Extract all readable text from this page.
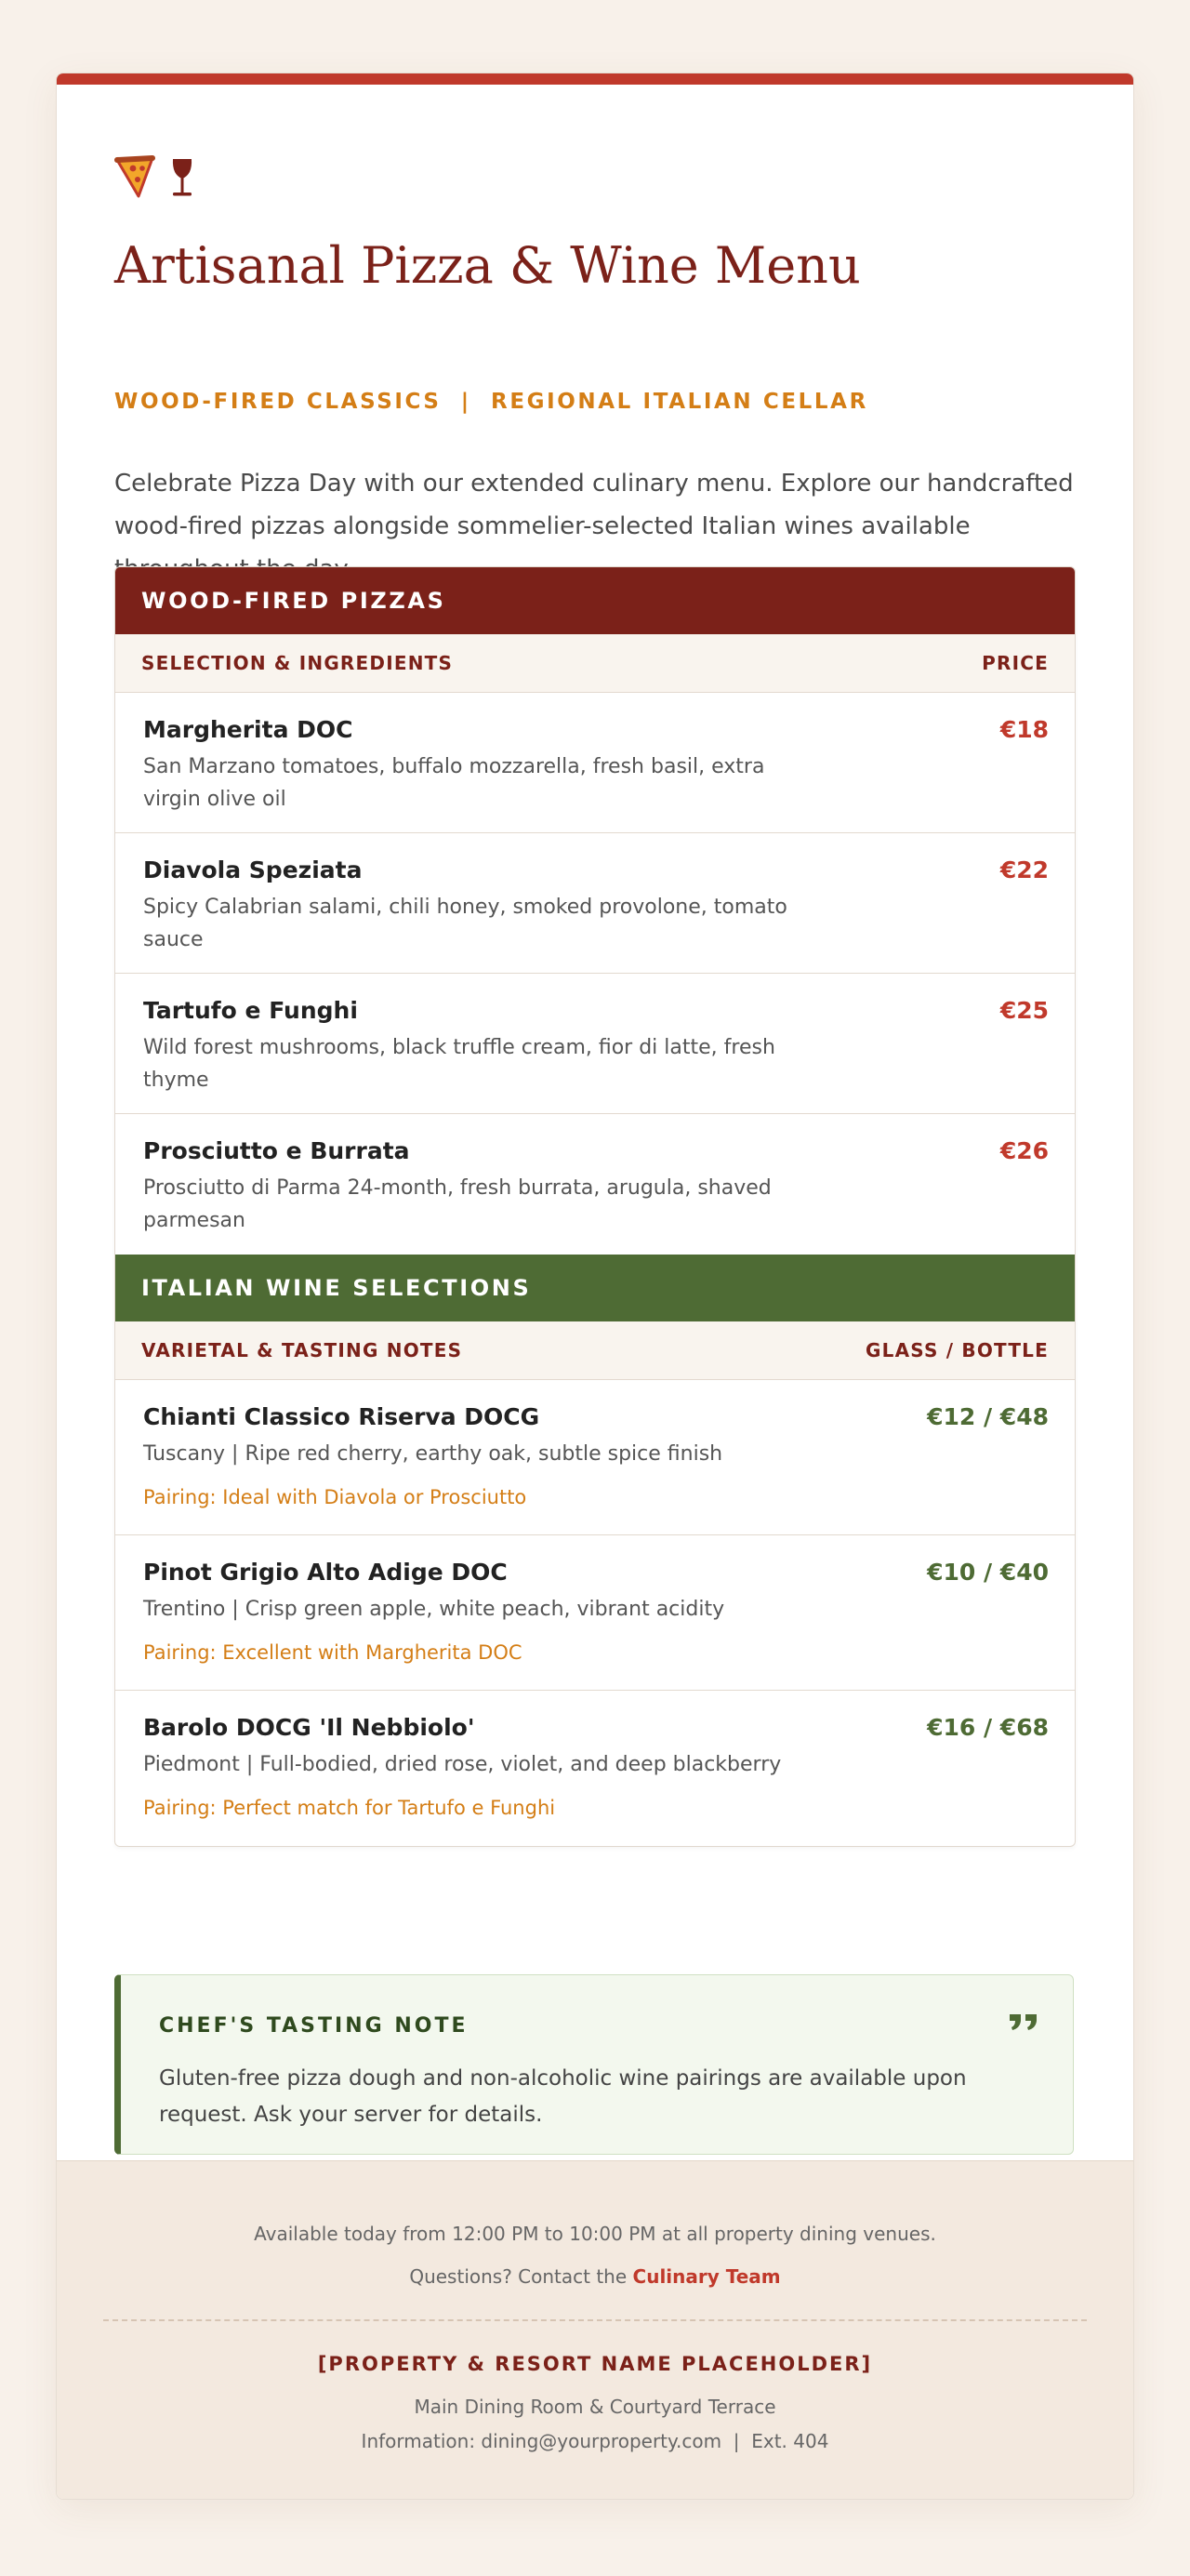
Artisanal Pizza & Wine Menu
WOOD-FIRED CLASSICS  |  REGIONAL ITALIAN CELLAR

Celebrate Pizza Day with our extended culinary menu. Explore our handcrafted wood-fired pizzas alongside sommelier-selected Italian wines available

WOOD-FIRED PIZZAS
SELECTION & INGREDIENTS	PRICE
Margherita DOC
San Marzano tomatoes, buffalo mozzarella, fresh basil, extra virgin olive oil
€18
Diavola Speziata
Spicy Calabrian salami, chili honey, smoked provolone, tomato sauce
€22
Tartufo e Funghi
Wild forest mushrooms, black truffle cream, fior di latte, fresh thyme
€25
Prosciutto e Burrata
Prosciutto di Parma 24-month, fresh burrata, arugula, shaved parmesan
€26
ITALIAN WINE SELECTIONS
VARIETAL & TASTING NOTES	GLASS / BOTTLE
Chianti Classico Riserva DOCG
Tuscany | Ripe red cherry, earthy oak, subtle spice finish
Pairing: Ideal with Diavola or Prosciutto
€12 / €48
Pinot Grigio Alto Adige DOC
Trentino | Crisp green apple, white peach, vibrant acidity
Pairing: Excellent with Margherita DOC
€10 / €40
Barolo DOCG 'Il Nebbiolo'
Piedmont | Full-bodied, dried rose, violet, and deep blackberry
Pairing: Perfect match for Tartufo e Funghi
€16 / €68
CHEF'S TASTING NOTE
Gluten-free pizza dough and non-alcoholic wine pairings are available upon request. Ask your server for details.
Available today from 12:00 PM to 10:00 PM at all property dining venues.
Questions? Contact the Culinary Team
[PROPERTY & RESORT NAME PLACEHOLDER]
Main Dining Room & Courtyard Terrace
Information: dining@yourproperty.com  |  Ext. 404
